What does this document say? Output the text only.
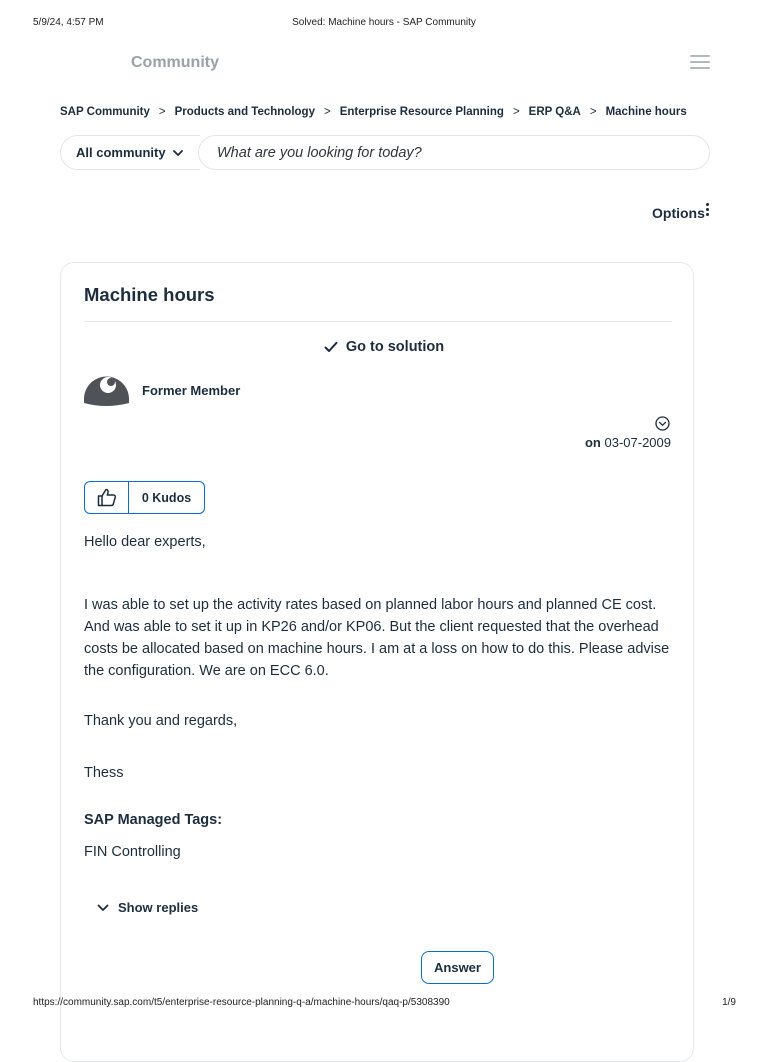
5/9/24, 4:57 PM	Solved: Machine hours - SAP Community
Community
SAP Community > Products and Technology > Enterprise Resource Planning > ERP Q&A > Machine hours
All community
What are you looking for today?
Options
Machine hours
Go to solution
Former Member
on 03-07-2009
0 Kudos

Hello dear experts,

I was able to set up the activity rates based on planned labor hours and planned CE cost. And was able to set it up in KP26 and/or KP06. But the client requested that the overhead costs be allocated based on machine hours. I am at a loss on how to do this. Please advise the configuration. We are on ECC 6.0.

Thank you and regards,

Thess

SAP Managed Tags:
FIN Controlling
Show replies
Answer
https://community.sap.com/t5/enterprise-resource-planning-q-a/machine-hours/qaq-p/5308390	1/9
